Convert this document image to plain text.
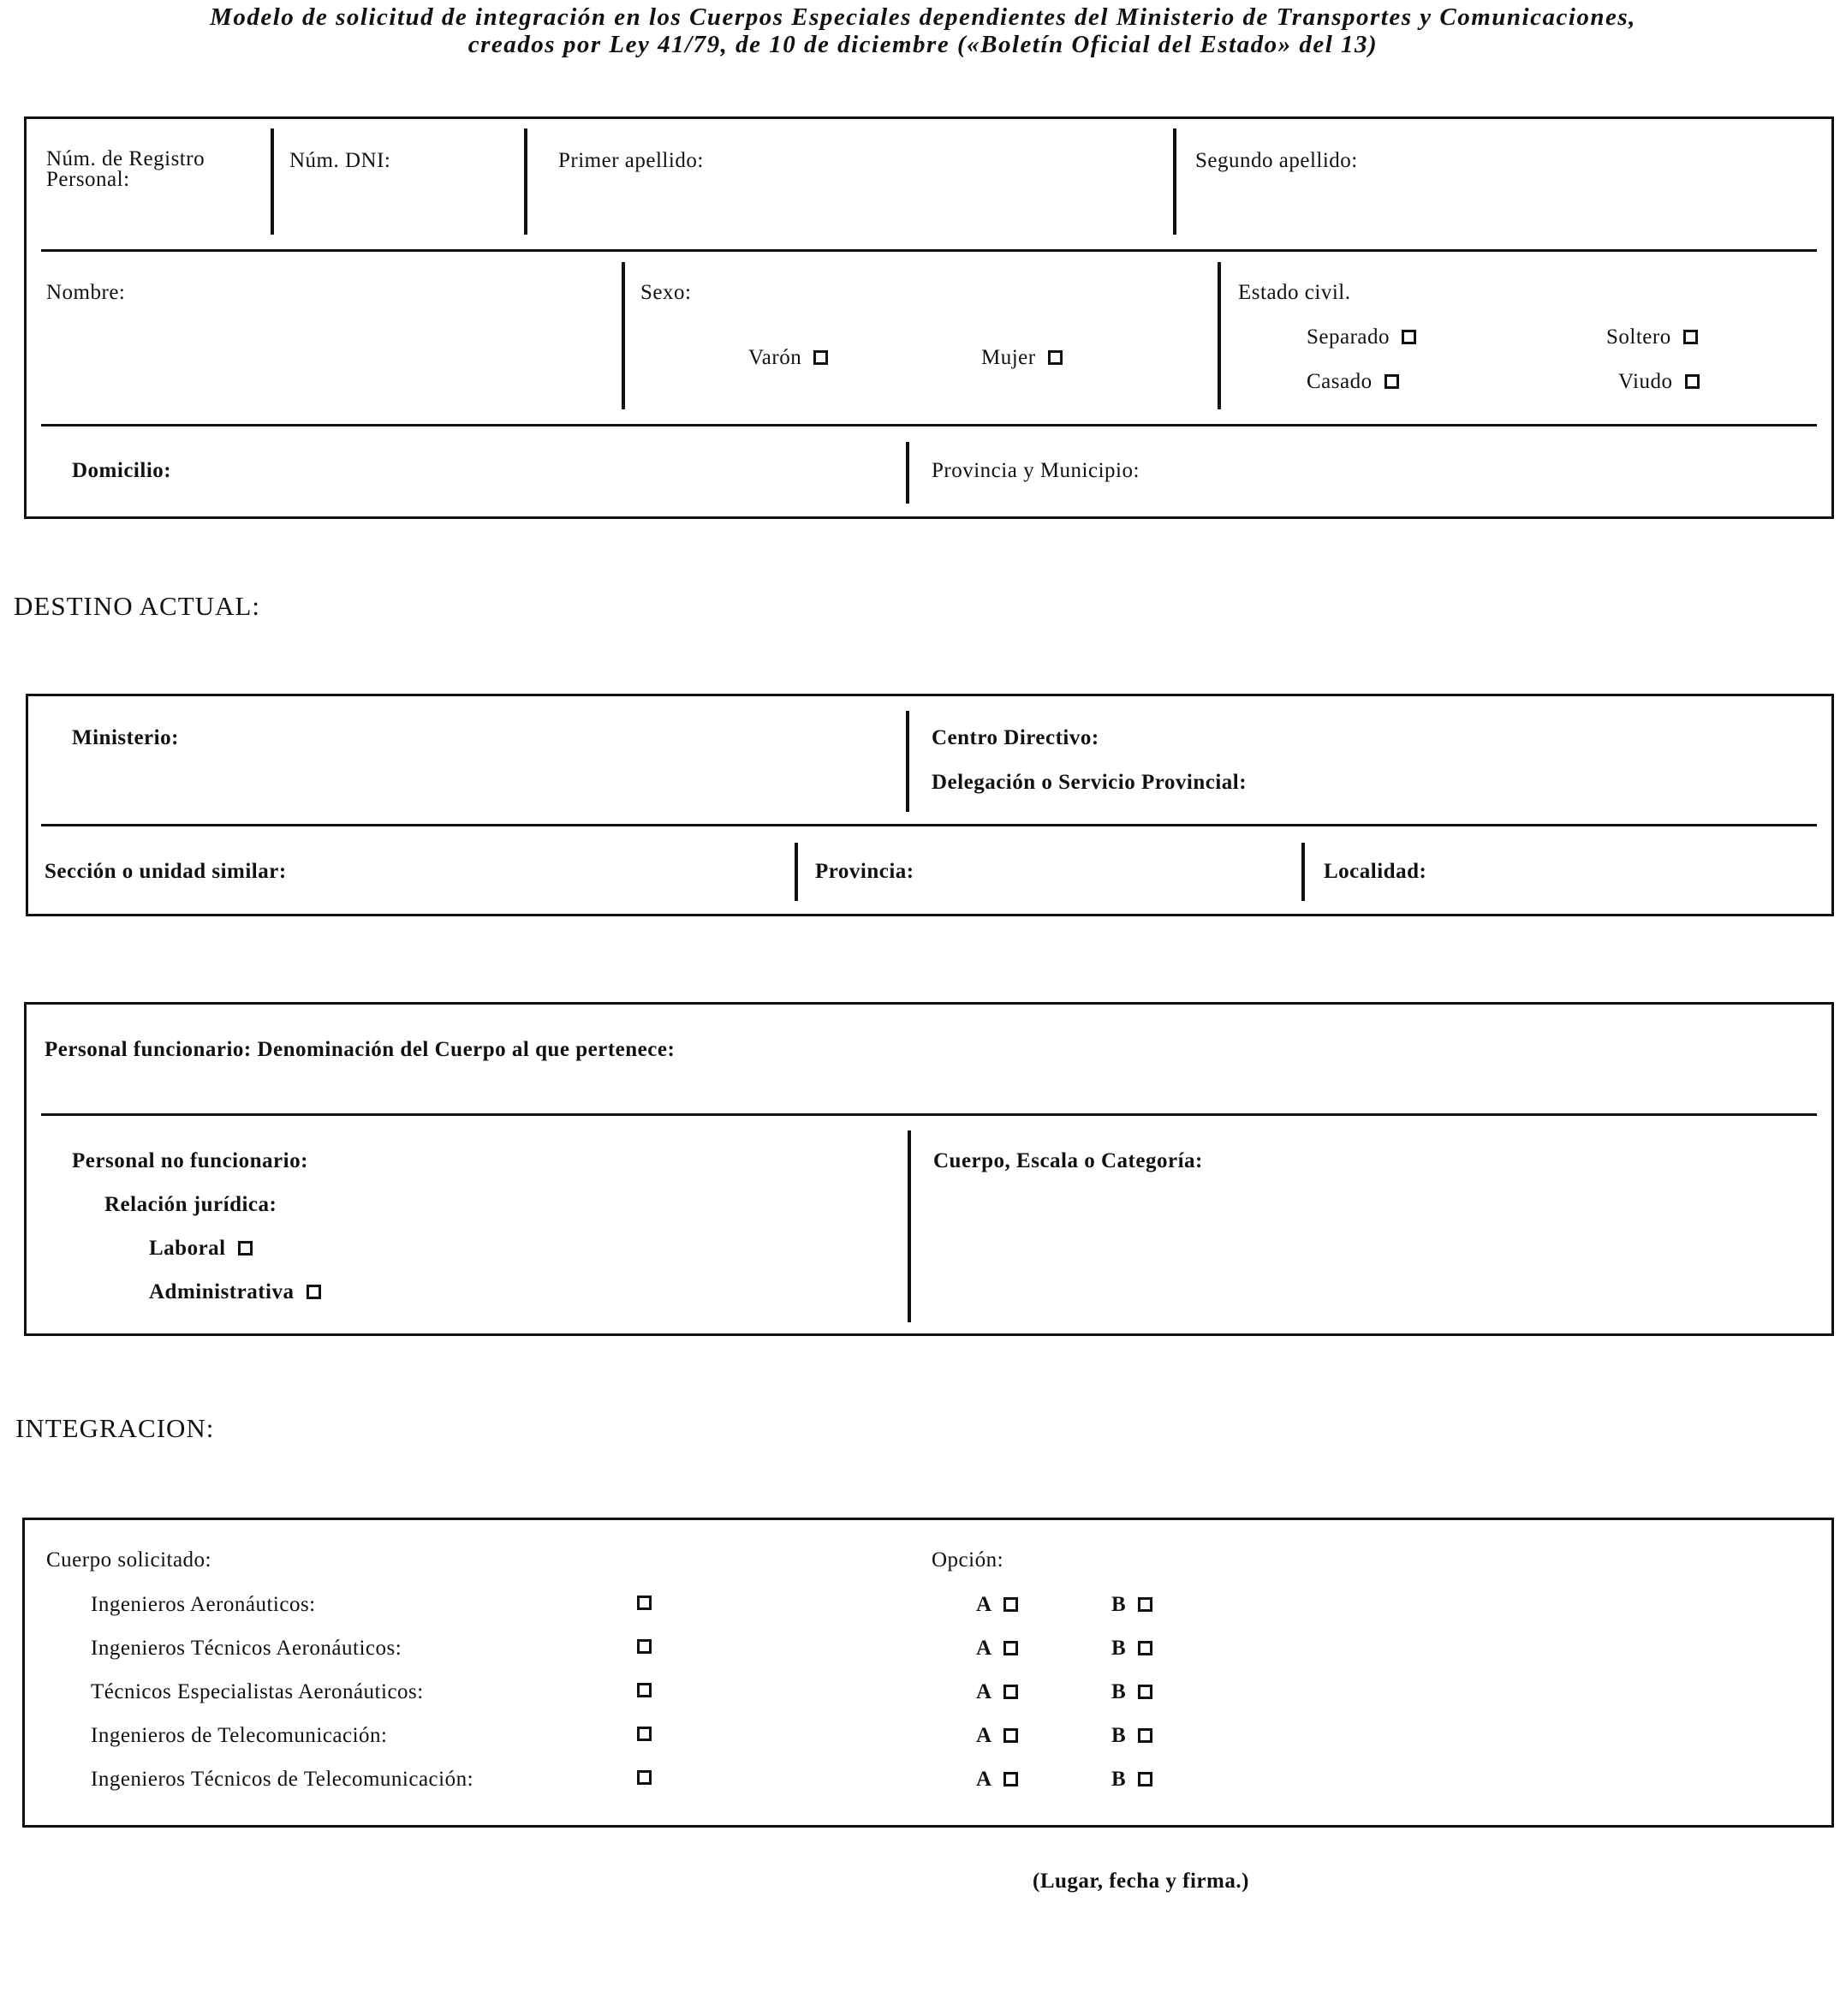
Modelo de solicitud de integración en los Cuerpos Especiales dependientes del Ministerio de Transportes y Comunicaciones,
creados por Ley 41/79, de 10 de diciembre («Boletín Oficial del Estado» del 13)
Núm. de Registro
Personal:
Núm. DNI:	Primer apellido:	Segundo apellido:
Nombre:	Sexo:
Varón	Mujer
Estado civil.
Separado	Soltero
Casado	Viudo
Domicilio:	Provincia y Municipio:
DESTINO ACTUAL:
Ministerio:	Centro Directivo:
Delegación o Servicio Provincial:
Sección o unidad similar:	Provincia:	Localidad:
Personal funcionario: Denominación del Cuerpo al que pertenece:
Personal no funcionario:
Relación jurídica:
Laboral
Administrativa
Cuerpo, Escala o Categoría:
INTEGRACION:
Cuerpo solicitado:	Opción:
Ingenieros Aeronáuticos:	A	B
Ingenieros Técnicos Aeronáuticos:	A	B
Técnicos Especialistas Aeronáuticos:	A	B
Ingenieros de Telecomunicación:	A	B
Ingenieros Técnicos de Telecomunicación:	A	B
(Lugar, fecha y firma.)
